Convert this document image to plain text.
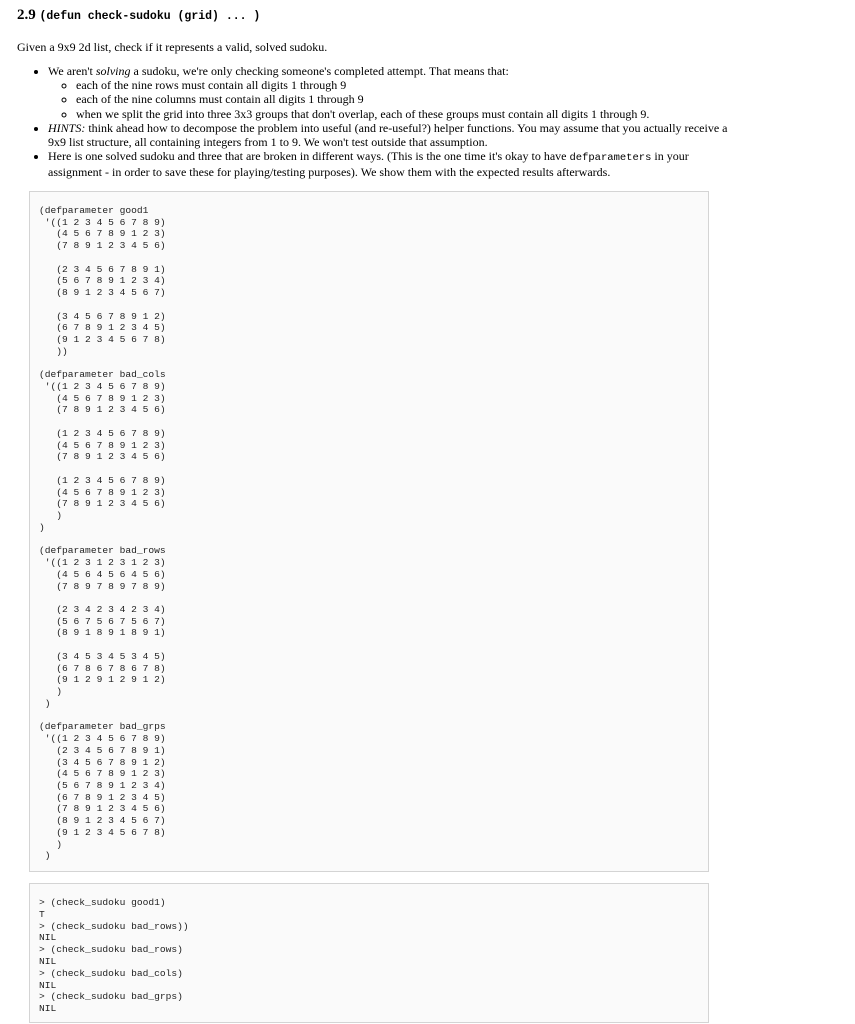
2.9 (defun check-sudoku (grid) ... )
Given a 9x9 2d list, check if it represents a valid, solved sudoku.
• We aren't solving a sudoku, we're only checking someone's completed attempt. That means that:
◦ each of the nine rows must contain all digits 1 through 9
◦ each of the nine columns must contain all digits 1 through 9
◦ when we split the grid into three 3x3 groups that don't overlap, each of these groups must contain all digits 1 through 9.
• HINTS: think ahead how to decompose the problem into useful (and re-useful?) helper functions. You may assume that you actually receive a 9x9 list structure, all containing integers from 1 to 9. We won't test outside that assumption.
• Here is one solved sudoku and three that are broken in different ways. (This is the one time it's okay to have defparameters in your assignment - in order to save these for playing/testing purposes). We show them with the expected results afterwards.
(defparameter good1
'((1 2 3 4 5 6 7 8 9)
(4 5 6 7 8 9 1 2 3)
(7 8 9 1 2 3 4 5 6)

(2 3 4 5 6 7 8 9 1)
(5 6 7 8 9 1 2 3 4)
(8 9 1 2 3 4 5 6 7)

(3 4 5 6 7 8 9 1 2)
(6 7 8 9 1 2 3 4 5)
(9 1 2 3 4 5 6 7 8)
))

(defparameter bad_cols
'((1 2 3 4 5 6 7 8 9)
(4 5 6 7 8 9 1 2 3)
(7 8 9 1 2 3 4 5 6)

(1 2 3 4 5 6 7 8 9)
(4 5 6 7 8 9 1 2 3)
(7 8 9 1 2 3 4 5 6)

(1 2 3 4 5 6 7 8 9)
(4 5 6 7 8 9 1 2 3)
(7 8 9 1 2 3 4 5 6)
)
)

(defparameter bad_rows
'((1 2 3 1 2 3 1 2 3)
(4 5 6 4 5 6 4 5 6)
(7 8 9 7 8 9 7 8 9)

(2 3 4 2 3 4 2 3 4)
(5 6 7 5 6 7 5 6 7)
(8 9 1 8 9 1 8 9 1)

(3 4 5 3 4 5 3 4 5)
(6 7 8 6 7 8 6 7 8)
(9 1 2 9 1 2 9 1 2)
)
)

(defparameter bad_grps
'((1 2 3 4 5 6 7 8 9)
(2 3 4 5 6 7 8 9 1)
(3 4 5 6 7 8 9 1 2)
(4 5 6 7 8 9 1 2 3)
(5 6 7 8 9 1 2 3 4)
(6 7 8 9 1 2 3 4 5)
(7 8 9 1 2 3 4 5 6)
(8 9 1 2 3 4 5 6 7)
(9 1 2 3 4 5 6 7 8)
)
)
> (check_sudoku good1)
T
> (check_sudoku bad_rows))
NIL
> (check_sudoku bad_rows)
NIL
> (check_sudoku bad_cols)
NIL
> (check_sudoku bad_grps)
NIL
